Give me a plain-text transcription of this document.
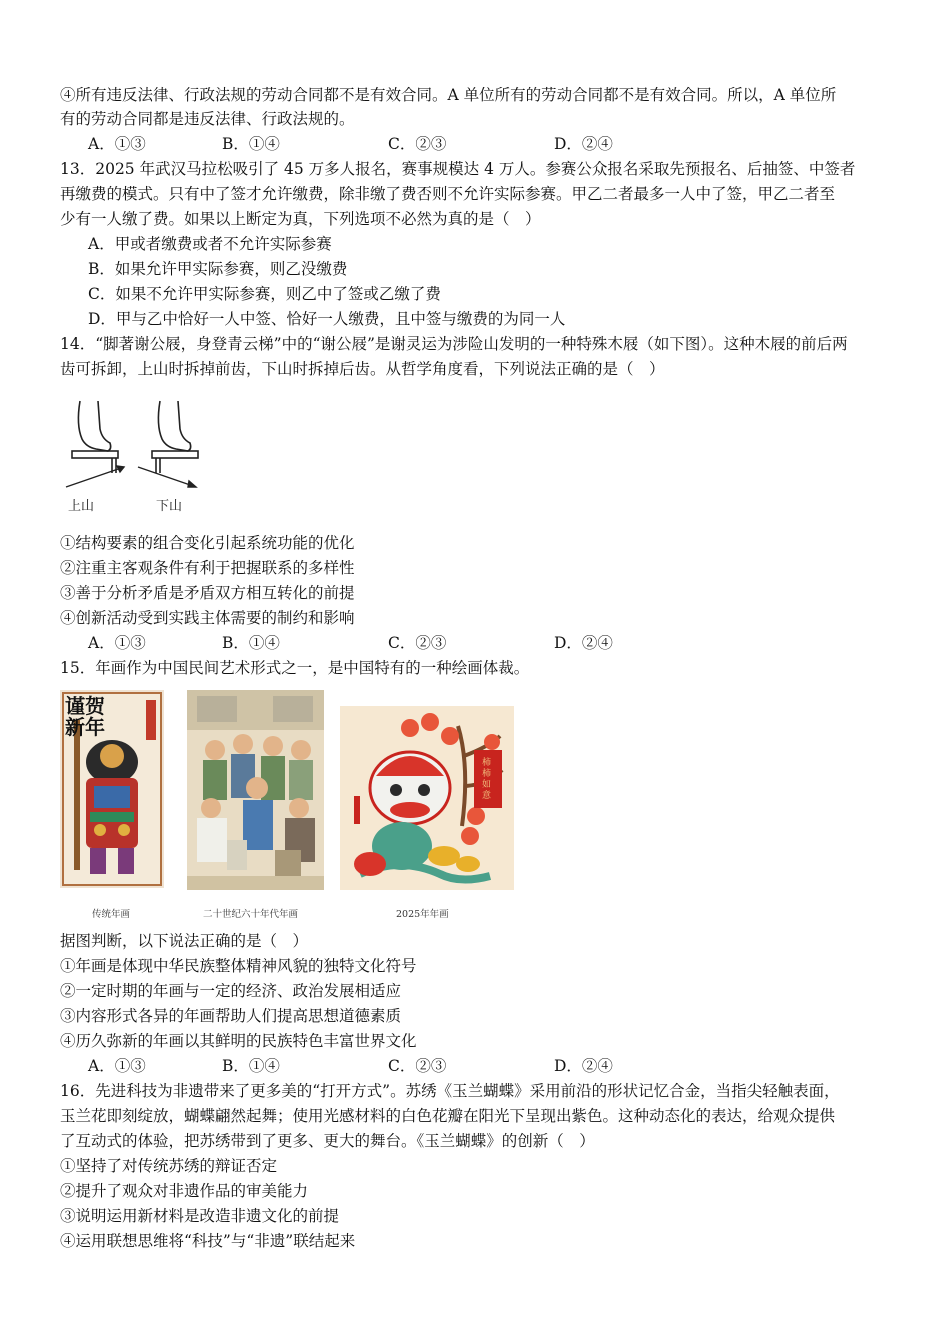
④所有违反法律、行政法规的劳动合同都不是有效合同。A 单位所有的劳动合同都不是有效合同。所以，A 单位所
有的劳动合同都是违反法律、行政法规的。
A．①③	B．①④	C．②③	D．②④
13．2025 年武汉马拉松吸引了 45 万多人报名，赛事规模达 4 万人。参赛公众报名采取先预报名、后抽签、中签者
再缴费的模式。只有中了签才允许缴费，除非缴了费否则不允许实际参赛。甲乙二者最多一人中了签，甲乙二者至
少有一人缴了费。如果以上断定为真，下列选项不必然为真的是（　）
A．甲或者缴费或者不允许实际参赛
B．如果允许甲实际参赛，则乙没缴费
C．如果不允许甲实际参赛，则乙中了签或乙缴了费
D．甲与乙中恰好一人中签、恰好一人缴费，且中签与缴费的为同一人
14．“脚著谢公屐，身登青云梯”中的“谢公屐”是谢灵运为涉险山发明的一种特殊木屐（如下图）。这种木屐的前后两
齿可拆卸，上山时拆掉前齿，下山时拆掉后齿。从哲学角度看，下列说法正确的是（　）
上山	下山
①结构要素的组合变化引起系统功能的优化
②注重主客观条件有利于把握联系的多样性
③善于分析矛盾是矛盾双方相互转化的前提
④创新活动受到实践主体需要的制约和影响
A．①③	B．①④	C．②③	D．②④
15．年画作为中国民间艺术形式之一，是中国特有的一种绘画体裁。
谨贺新年
柿柿如意
传统年画	二十世纪六十年代年画	2025年年画
据图判断，以下说法正确的是（　）
①年画是体现中华民族整体精神风貌的独特文化符号
②一定时期的年画与一定的经济、政治发展相适应
③内容形式各异的年画帮助人们提高思想道德素质
④历久弥新的年画以其鲜明的民族特色丰富世界文化
A．①③	B．①④	C．②③	D．②④
16．先进科技为非遗带来了更多美的“打开方式”。苏绣《玉兰蝴蝶》采用前沿的形状记忆合金，当指尖轻触表面，
玉兰花即刻绽放，蝴蝶翩然起舞；使用光感材料的白色花瓣在阳光下呈现出紫色。这种动态化的表达，给观众提供
了互动式的体验，把苏绣带到了更多、更大的舞台。《玉兰蝴蝶》的创新（　）
①坚持了对传统苏绣的辩证否定
②提升了观众对非遗作品的审美能力
③说明运用新材料是改造非遗文化的前提
④运用联想思维将“科技”与“非遗”联结起来
